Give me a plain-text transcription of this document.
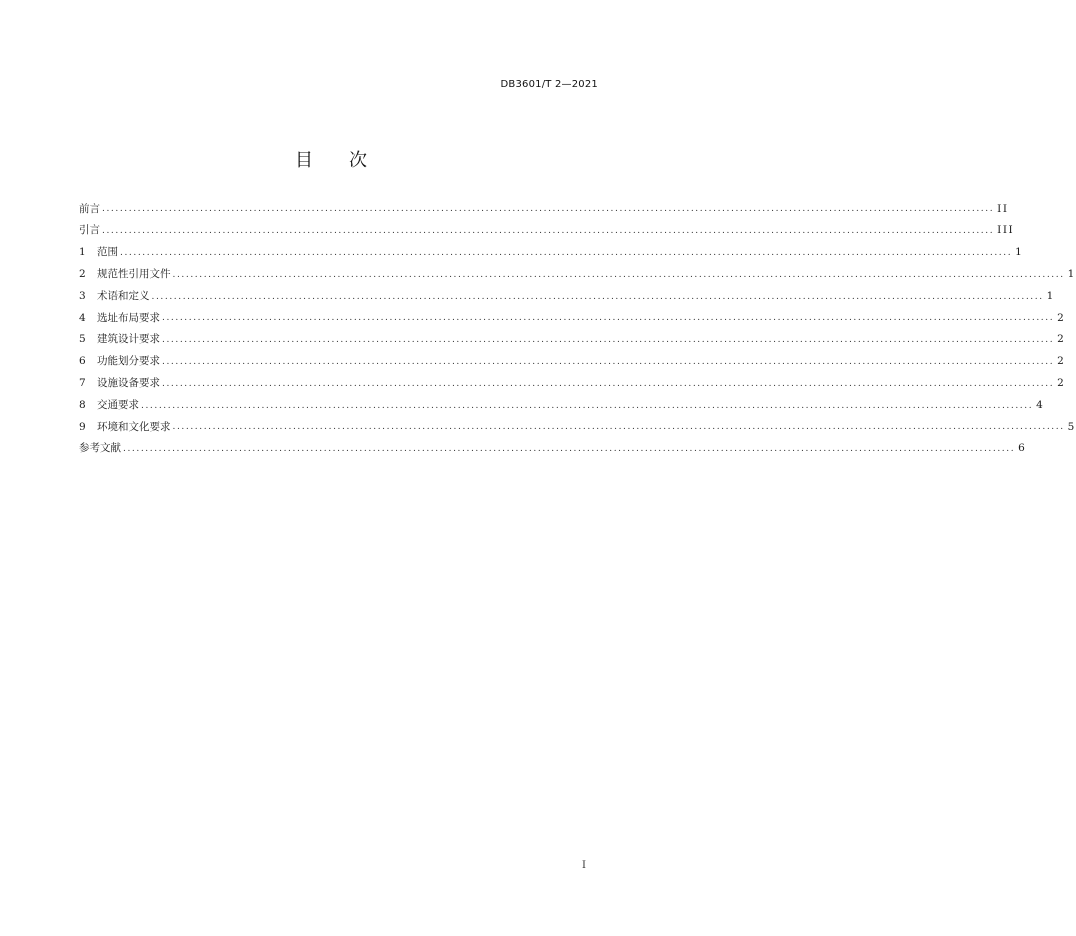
DB3601/T 2—2021
目　　次
前言 ........................................................................................................................................................................................................ II
引言 ........................................................................................................................................................................................................ III
1	范围 ........................................................................................................................................................................................................ 1
2	规范性引用文件 ........................................................................................................................................................................................................ 1
3	术语和定义 ........................................................................................................................................................................................................ 1
4	选址布局要求 ........................................................................................................................................................................................................ 2
5	建筑设计要求 ........................................................................................................................................................................................................ 2
6	功能划分要求 ........................................................................................................................................................................................................ 2
7	设施设备要求 ........................................................................................................................................................................................................ 2
8	交通要求 ........................................................................................................................................................................................................ 4
9	环境和文化要求 ........................................................................................................................................................................................................ 5
参考文献 ........................................................................................................................................................................................................ 6
I
